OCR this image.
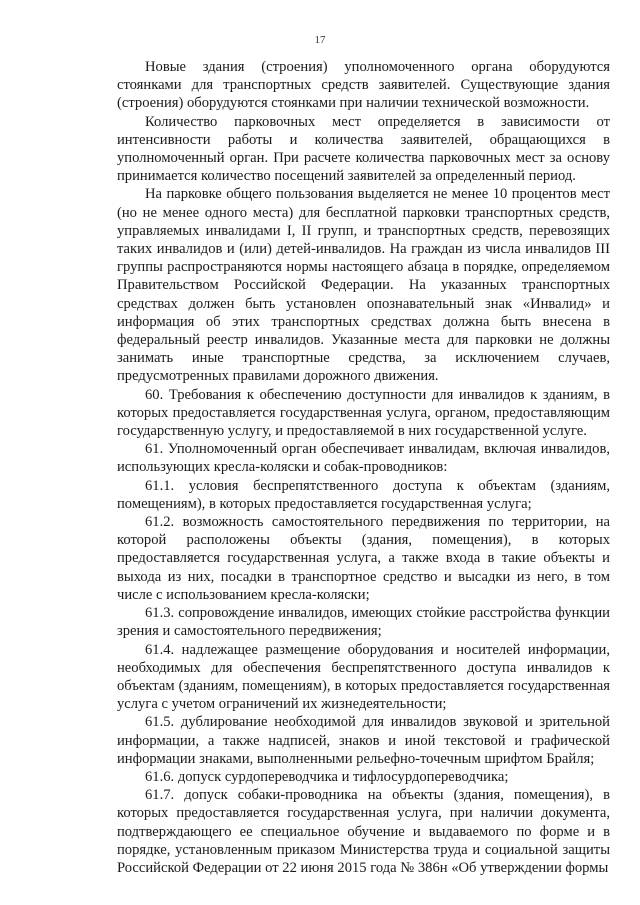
17

Новые здания (строения) уполномоченного органа оборудуются стоянками для транспортных средств заявителей. Существующие здания (строения) оборудуются стоянками при наличии технической возможности.

Количество парковочных мест определяется в зависимости от интенсивности работы и количества заявителей, обращающихся в уполномоченный орган. При расчете количества парковочных мест за основу принимается количество посещений заявителей за определенный период.

На парковке общего пользования выделяется не менее 10 процентов мест (но не менее одного места) для бесплатной парковки транспортных средств, управляемых инвалидами I, II групп, и транспортных средств, перевозящих таких инвалидов и (или) детей-инвалидов. На граждан из числа инвалидов III группы распространяются нормы настоящего абзаца в порядке, определяемом Правительством Российской Федерации. На указанных транспортных средствах должен быть установлен опознавательный знак «Инвалид» и информация об этих транспортных средствах должна быть внесена в федеральный реестр инвалидов. Указанные места для парковки не должны занимать иные транспортные средства, за исключением случаев, предусмотренных правилами дорожного движения.

60. Требования к обеспечению доступности для инвалидов к зданиям, в которых предоставляется государственная услуга, органом, предоставляющим государственную услугу, и предоставляемой в них государственной услуге.

61. Уполномоченный орган обеспечивает инвалидам, включая инвалидов, использующих кресла-коляски и собак-проводников:

61.1. условия беспрепятственного доступа к объектам (зданиям, помещениям), в которых предоставляется государственная услуга;

61.2. возможность самостоятельного передвижения по территории, на которой расположены объекты (здания, помещения), в которых предоставляется государственная услуга, а также входа в такие объекты и выхода из них, посадки в транспортное средство и высадки из него, в том числе с использованием кресла-коляски;

61.3. сопровождение инвалидов, имеющих стойкие расстройства функции зрения и самостоятельного передвижения;

61.4. надлежащее размещение оборудования и носителей информации, необходимых для обеспечения беспрепятственного доступа инвалидов к объектам (зданиям, помещениям), в которых предоставляется государственная услуга с учетом ограничений их жизнедеятельности;

61.5. дублирование необходимой для инвалидов звуковой и зрительной информации, а также надписей, знаков и иной текстовой и графической информации знаками, выполненными рельефно-точечным шрифтом Брайля;

61.6. допуск сурдопереводчика и тифлосурдопереводчика;

61.7. допуск собаки-проводника на объекты (здания, помещения), в которых предоставляется государственная услуга, при наличии документа, подтверждающего ее специальное обучение и выдаваемого по форме и в порядке, установленным приказом Министерства труда и социальной защиты Российской Федерации от 22 июня 2015 года № 386н «Об утверждении формы
